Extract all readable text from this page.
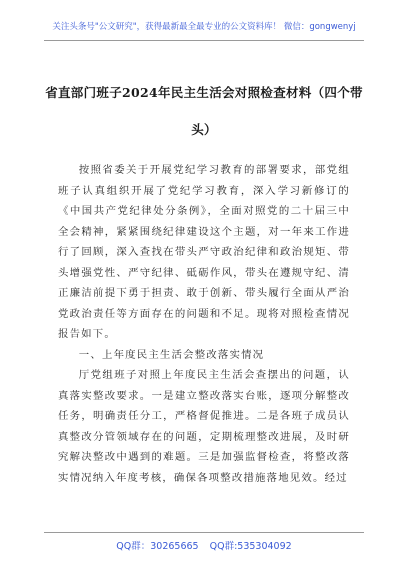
关注头条号"公文研究"，获得最新最全最专业的公文资料库！ 微信：gongwenyj
省直部门班子2024年民主生活会对照检查材料（四个带
头）

按照省委关于开展党纪学习教育的部署要求，部党组班子认真组织开展了党纪学习教育，深入学习新修订的《中国共产党纪律处分条例》，全面对照党的二十届三中全会精神，紧紧围绕纪律建设这个主题，对一年来工作进行了回顾，深入查找在带头严守政治纪律和政治规矩、带头增强党性、严守纪律、砥砺作风，带头在遵规守纪、清正廉洁前提下勇于担责、敢于创新、带头履行全面从严治党政治责任等方面存在的问题和不足。现将对照检查情况报告如下。

一、上年度民主生活会整改落实情况

厅党组班子对照上年度民主生活会查摆出的问题，认真落实整改要求。一是建立整改落实台账，逐项分解整改任务，明确责任分工，严格督促推进。二是各班子成员认真整改分管领域存在的问题，定期梳理整改进展，及时研究解决整改中遇到的难题。三是加强监督检查，将整改落实情况纳入年度考核，确保各项整改措施落地见效。经过

QQ群：30265665 QQ群:535304092
